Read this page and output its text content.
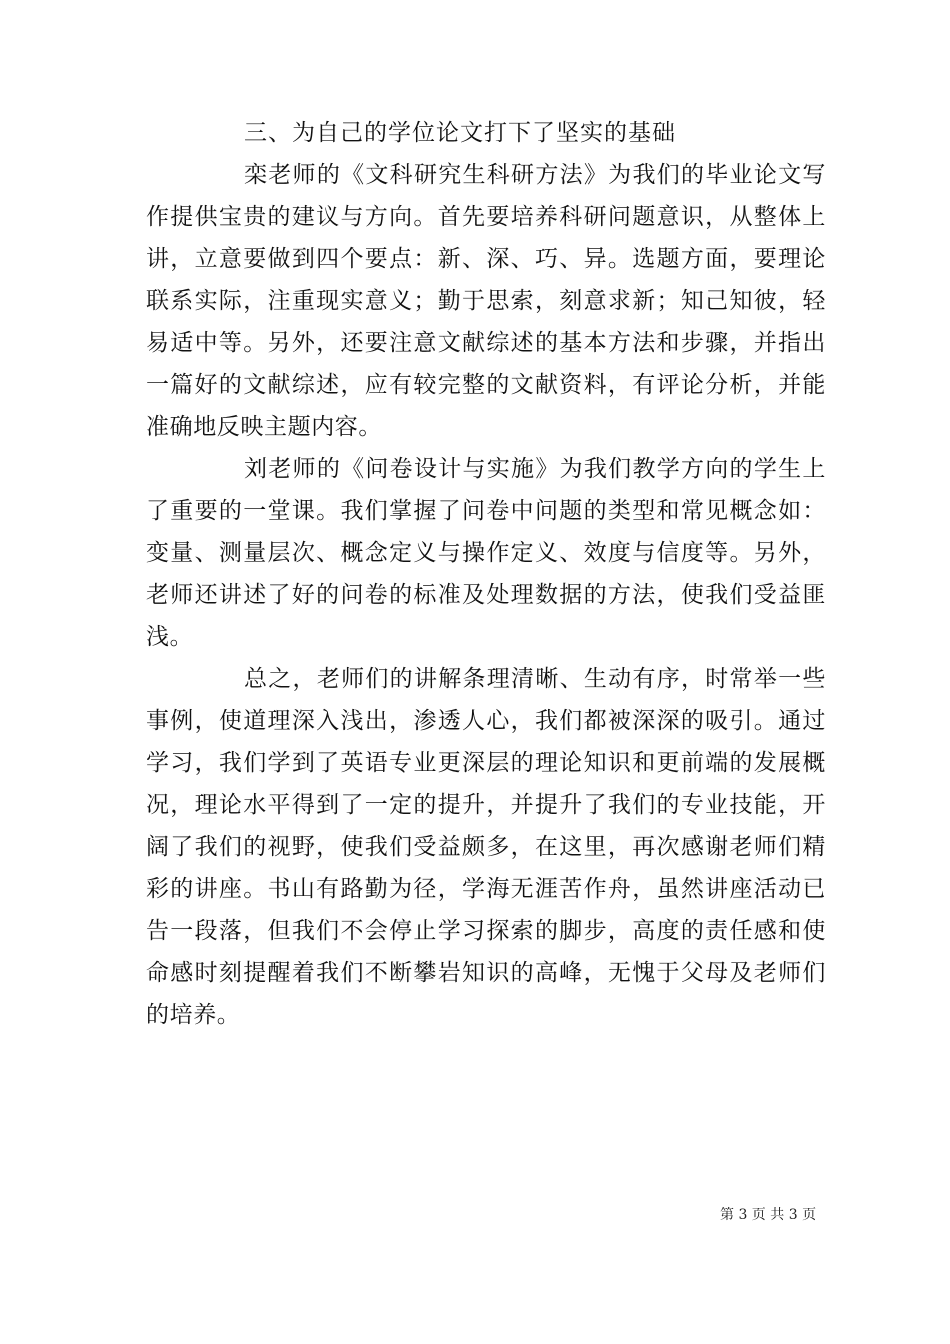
三、为自己的学位论文打下了坚实的基础

栾老师的《文科研究生科研方法》为我们的毕业论文写作提供宝贵的建议与方向。首先要培养科研问题意识，从整体上讲，立意要做到四个要点：新、深、巧、异。选题方面，要理论联系实际，注重现实意义；勤于思索，刻意求新；知己知彼，轻易适中等。另外，还要注意文献综述的基本方法和步骤，并指出一篇好的文献综述，应有较完整的文献资料，有评论分析，并能准确地反映主题内容。

刘老师的《问卷设计与实施》为我们教学方向的学生上了重要的一堂课。我们掌握了问卷中问题的类型和常见概念如：变量、测量层次、概念定义与操作定义、效度与信度等。另外，老师还讲述了好的问卷的标准及处理数据的方法，使我们受益匪浅。

总之，老师们的讲解条理清晰、生动有序，时常举一些事例，使道理深入浅出，渗透人心，我们都被深深的吸引。通过学习，我们学到了英语专业更深层的理论知识和更前端的发展概况，理论水平得到了一定的提升，并提升了我们的专业技能，开阔了我们的视野，使我们受益颇多，在这里，再次感谢老师们精彩的讲座。书山有路勤为径，学海无涯苦作舟，虽然讲座活动已告一段落，但我们不会停止学习探索的脚步，高度的责任感和使命感时刻提醒着我们不断攀岩知识的高峰，无愧于父母及老师们的培养。

第 3 页 共 3 页
